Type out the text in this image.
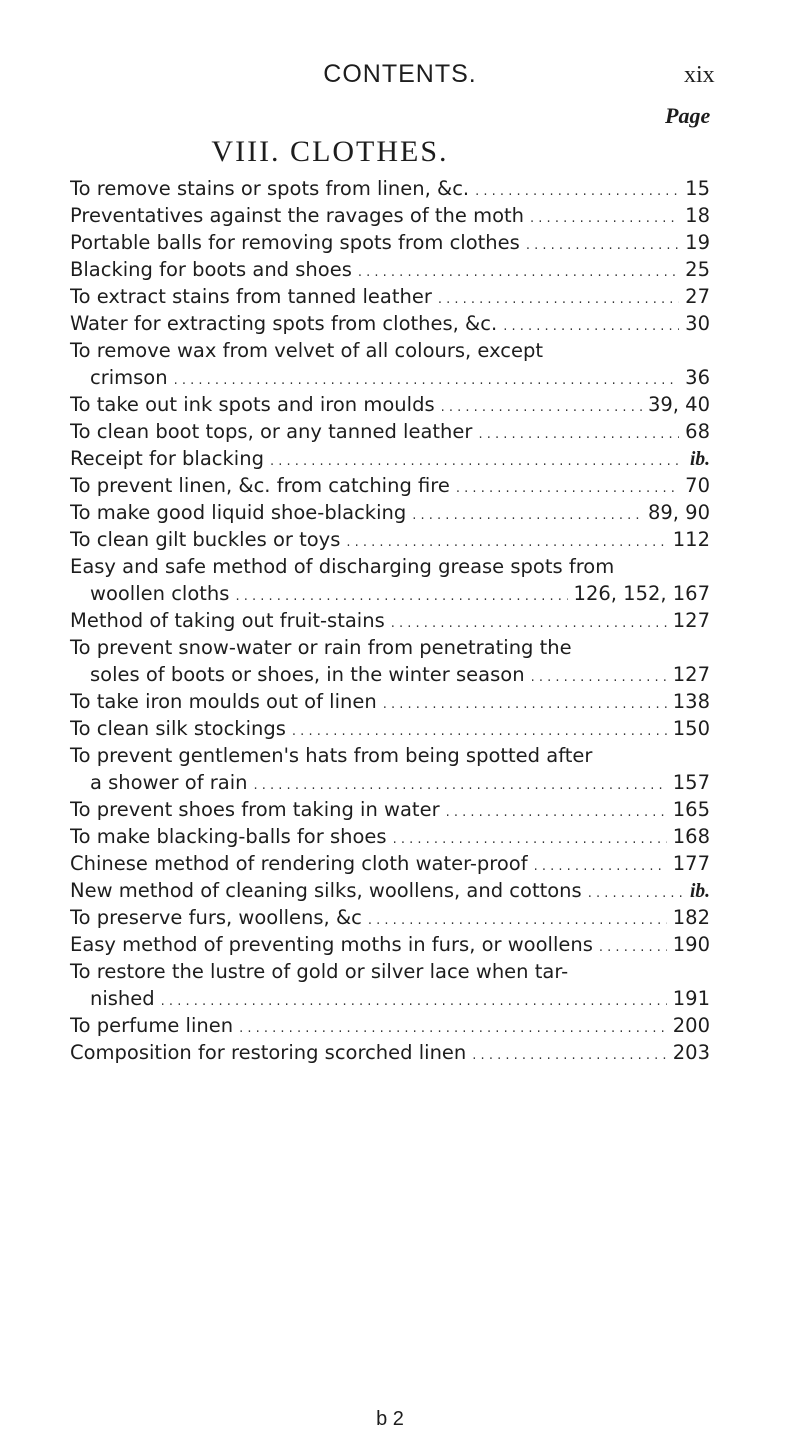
CONTENTS.	xix
Page
VIII. CLOTHES.
To remove stains or spots from linen, &c. . . .	15
Preventatives against the ravages of the moth . . .	18
Portable balls for removing spots from clothes . . .	19
Blacking for boots and shoes . . .	25
To extract stains from tanned leather . . .	27
Water for extracting spots from clothes, &c. . . .	30
To remove wax from velvet of all colours, except
crimson . . .	36
To take out ink spots and iron moulds . . .	39, 40
To clean boot tops, or any tanned leather . . .	68
Receipt for blacking . . .	ib.
To prevent linen, &c. from catching fire . . .	70
To make good liquid shoe-blacking . . .	89, 90
To clean gilt buckles or toys . . .	112
Easy and safe method of discharging grease spots from
woollen cloths . . .	126, 152, 167
Method of taking out fruit-stains . . .	127
To prevent snow-water or rain from penetrating the
soles of boots or shoes, in the winter season . . .	127
To take iron moulds out of linen . . .	138
To clean silk stockings . . .	150
To prevent gentlemen's hats from being spotted after
a shower of rain . . .	157
To prevent shoes from taking in water . . .	165
To make blacking-balls for shoes . . .	168
Chinese method of rendering cloth water-proof . . .	177
New method of cleaning silks, woollens, and cottons . . .	ib.
To preserve furs, woollens, &c . . .	182
Easy method of preventing moths in furs, or woollens . . .	190
To restore the lustre of gold or silver lace when tar-
nished . . .	191
To perfume linen . . .	200
Composition for restoring scorched linen . . .	203
b 2
